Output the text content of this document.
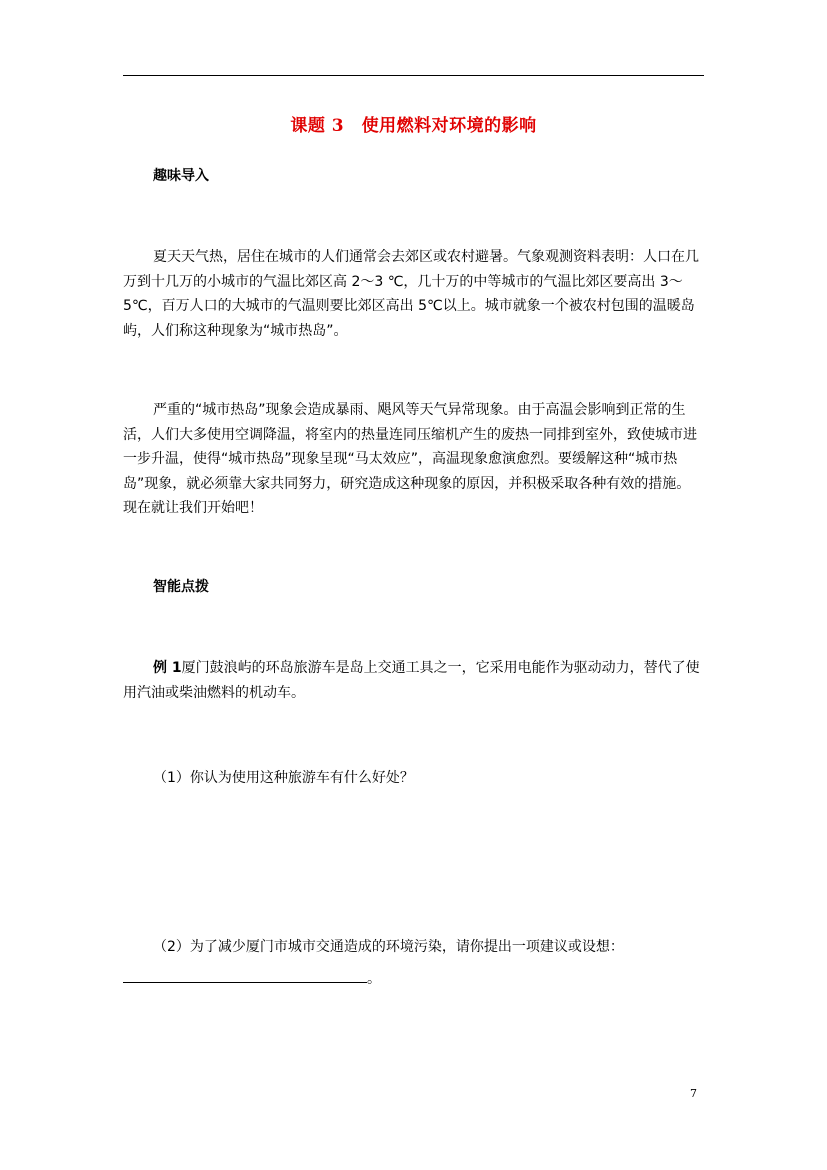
课题 3　使用燃料对环境的影响
趣味导入
夏天天气热，居住在城市的人们通常会去郊区或农村避暑。气象观测资料表明：人口在几万到十几万的小城市的气温比郊区高 2～3 ℃，几十万的中等城市的气温比郊区要高出 3～5℃，百万人口的大城市的气温则要比郊区高出 5℃以上。城市就象一个被农村包围的温暖岛屿，人们称这种现象为“城市热岛”。
严重的“城市热岛”现象会造成暴雨、飓风等天气异常现象。由于高温会影响到正常的生活，人们大多使用空调降温，将室内的热量连同压缩机产生的废热一同排到室外，致使城市进一步升温，使得“城市热岛”现象呈现“马太效应”，高温现象愈演愈烈。要缓解这种“城市热岛”现象，就必须靠大家共同努力，研究造成这种现象的原因，并积极采取各种有效的措施。 现在就让我们开始吧！
智能点拨
例 1厦门鼓浪屿的环岛旅游车是岛上交通工具之一，它采用电能作为驱动动力，替代了使用汽油或柴油燃料的机动车。
（1）你认为使用这种旅游车有什么好处？
（2）为了减少厦门市城市交通造成的环境污染，请你提出一项建议或设想：
。
7
